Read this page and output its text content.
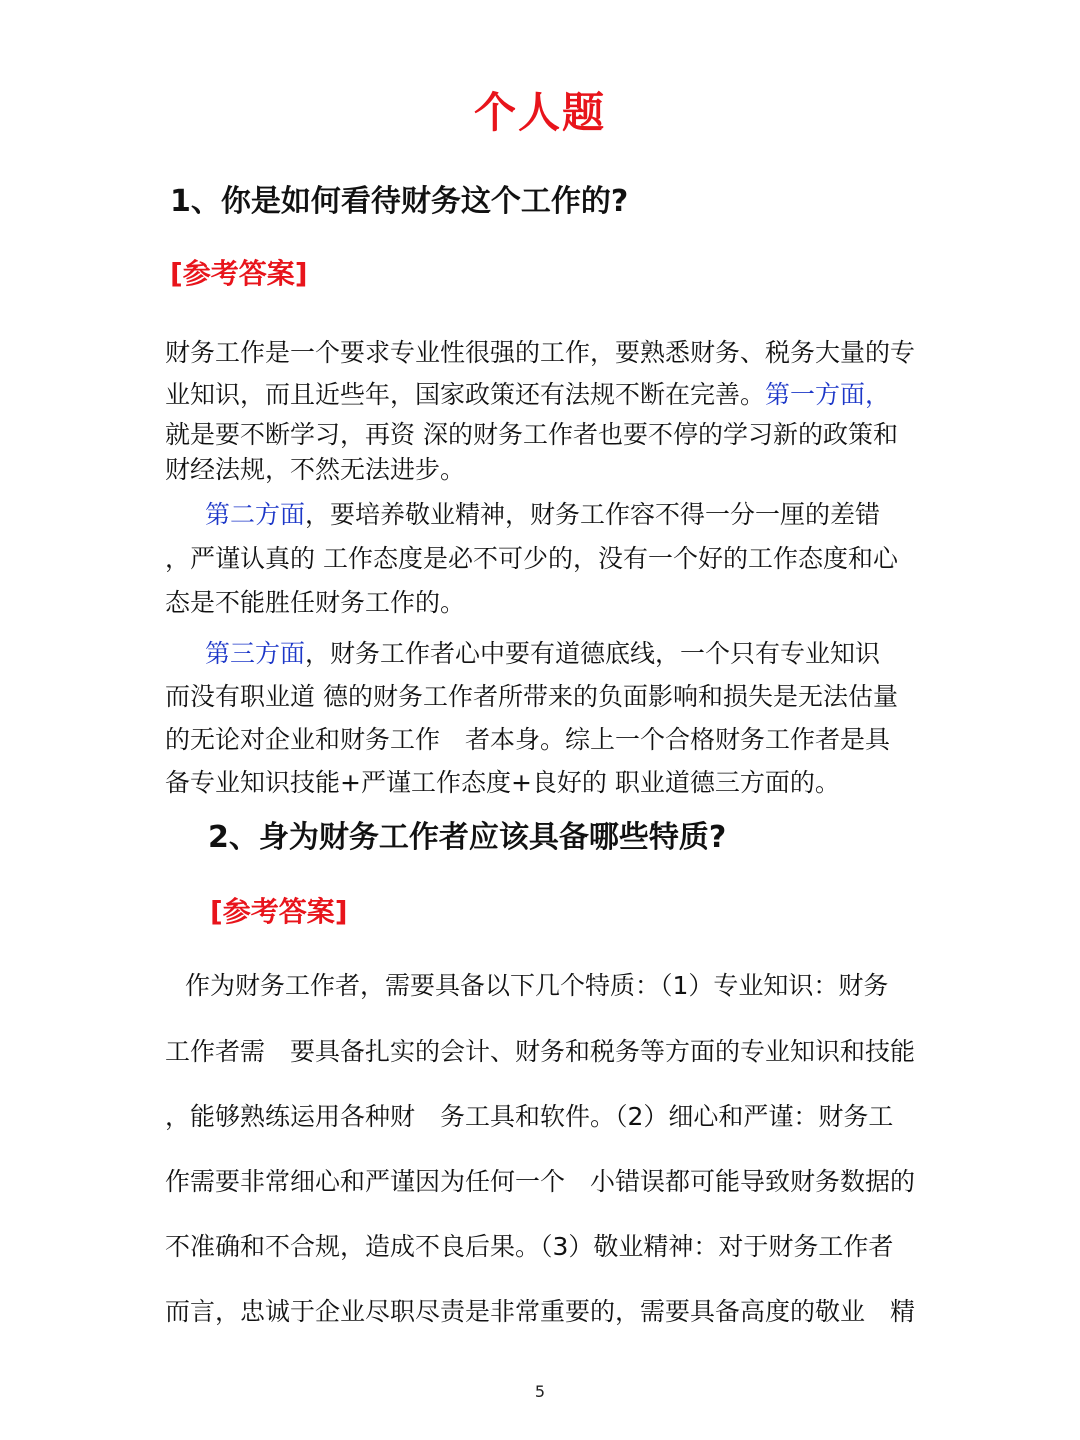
个人题
1、你是如何看待财务这个工作的?
[参考答案]
财务工作是一个要求专业性很强的工作，要熟悉财务、税务大量的专
业知识，而且近些年，国家政策还有法规不断在完善。第一方面，
就是要不断学习，再资 深的财务工作者也要不停的学习新的政策和
财经法规，不然无法进步。
第二方面，要培养敬业精神，财务工作容不得一分一厘的差错
，严谨认真的 工作态度是必不可少的，没有一个好的工作态度和心
态是不能胜任财务工作的。
第三方面，财务工作者心中要有道德底线，一个只有专业知识
而没有职业道 德的财务工作者所带来的负面影响和损失是无法估量
的无论对企业和财务工作　者本身。综上一个合格财务工作者是具
备专业知识技能+严谨工作态度+良好的 职业道德三方面的。
2、身为财务工作者应该具备哪些特质?
[参考答案]
作为财务工作者，需要具备以下几个特质：（1）专业知识：财务
工作者需　要具备扎实的会计、财务和税务等方面的专业知识和技能
，能够熟练运用各种财　务工具和软件。（2）细心和严谨：财务工
作需要非常细心和严谨因为任何一个　小错误都可能导致财务数据的
不准确和不合规，造成不良后果。（3）敬业精神：对于财务工作者
而言，忠诚于企业尽职尽责是非常重要的，需要具备高度的敬业　精
5
